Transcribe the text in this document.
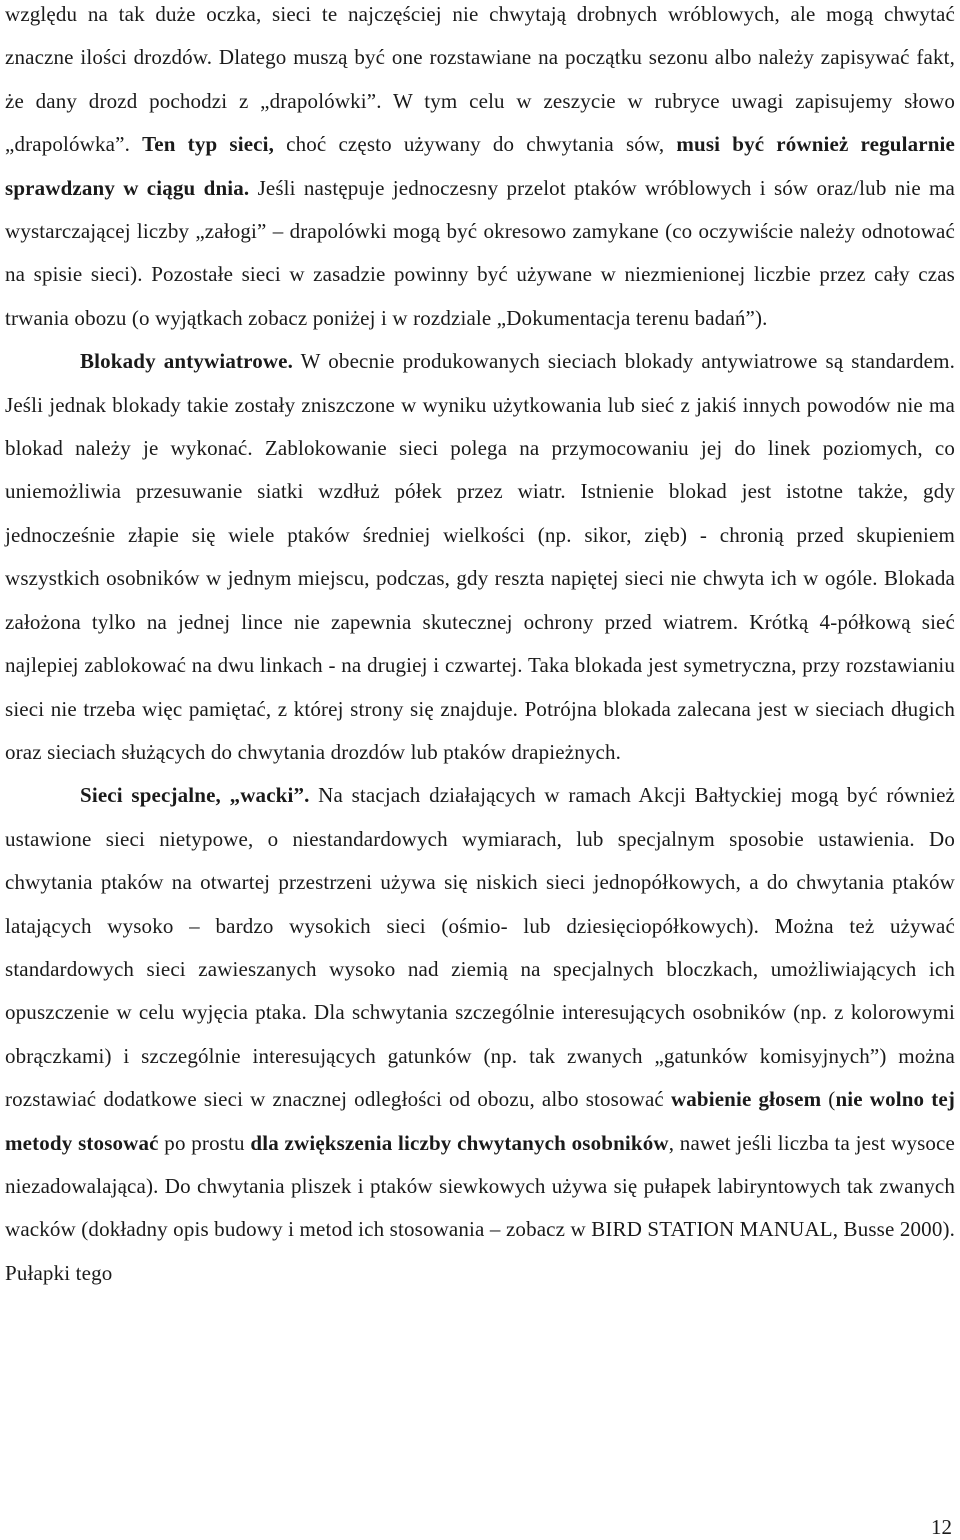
względu na tak duże oczka, sieci te najczęściej nie chwytają drobnych wróblowych, ale mogą chwytać znaczne ilości drozdów. Dlatego muszą być one rozstawiane na początku sezonu albo należy zapisywać fakt, że dany drozd pochodzi z „drapolówki”. W tym celu w zeszycie w rubryce uwagi zapisujemy słowo „drapolówka”. Ten typ sieci, choć często używany do chwytania sów, musi być również regularnie sprawdzany w ciągu dnia. Jeśli następuje jednoczesny przelot ptaków wróblowych i sów oraz/lub nie ma wystarczającej liczby „załogi” – drapolówki mogą być okresowo zamykane (co oczywiście należy odnotować na spisie sieci). Pozostałe sieci w zasadzie powinny być używane w niezmienionej liczbie przez cały czas trwania obozu (o wyjątkach zobacz poniżej i w rozdziale „Dokumentacja terenu badań”).

Blokady antywiatrowe. W obecnie produkowanych sieciach blokady antywiatrowe są standardem. Jeśli jednak blokady takie zostały zniszczone w wyniku użytkowania lub sieć z jakiś innych powodów nie ma blokad należy je wykonać. Zablokowanie sieci polega na przymocowaniu jej do linek poziomych, co uniemożliwia przesuwanie siatki wzdłuż półek przez wiatr. Istnienie blokad jest istotne także, gdy jednocześnie złapie się wiele ptaków średniej wielkości (np. sikor, zięb) - chronią przed skupieniem wszystkich osobników w jednym miejscu, podczas, gdy reszta napiętej sieci nie chwyta ich w ogóle. Blokada założona tylko na jednej lince nie zapewnia skutecznej ochrony przed wiatrem. Krótką 4-półkową sieć najlepiej zablokować na dwu linkach - na drugiej i czwartej. Taka blokada jest symetryczna, przy rozstawianiu sieci nie trzeba więc pamiętać, z której strony się znajduje. Potrójna blokada zalecana jest w sieciach długich oraz sieciach służących do chwytania drozdów lub ptaków drapieżnych.

Sieci specjalne, „wacki”. Na stacjach działających w ramach Akcji Bałtyckiej mogą być również ustawione sieci nietypowe, o niestandardowych wymiarach, lub specjalnym sposobie ustawienia. Do chwytania ptaków na otwartej przestrzeni używa się niskich sieci jednopółkowych, a do chwytania ptaków latających wysoko – bardzo wysokich sieci (ośmio- lub dziesięciopółkowych). Można też używać standardowych sieci zawieszanych wysoko nad ziemią na specjalnych bloczkach, umożliwiających ich opuszczenie w celu wyjęcia ptaka. Dla schwytania szczególnie interesujących osobników (np. z kolorowymi obrączkami) i szczególnie interesujących gatunków (np. tak zwanych „gatunków komisyjnych”) można rozstawiać dodatkowe sieci w znacznej odległości od obozu, albo stosować wabienie głosem (nie wolno tej metody stosować po prostu dla zwiększenia liczby chwytanych osobników, nawet jeśli liczba ta jest wysoce niezadowalająca). Do chwytania pliszek i ptaków siewkowych używa się pułapek labiryntowych tak zwanych wacków (dokładny opis budowy i metod ich stosowania – zobacz w BIRD STATION MANUAL, Busse 2000). Pułapki tego

12
